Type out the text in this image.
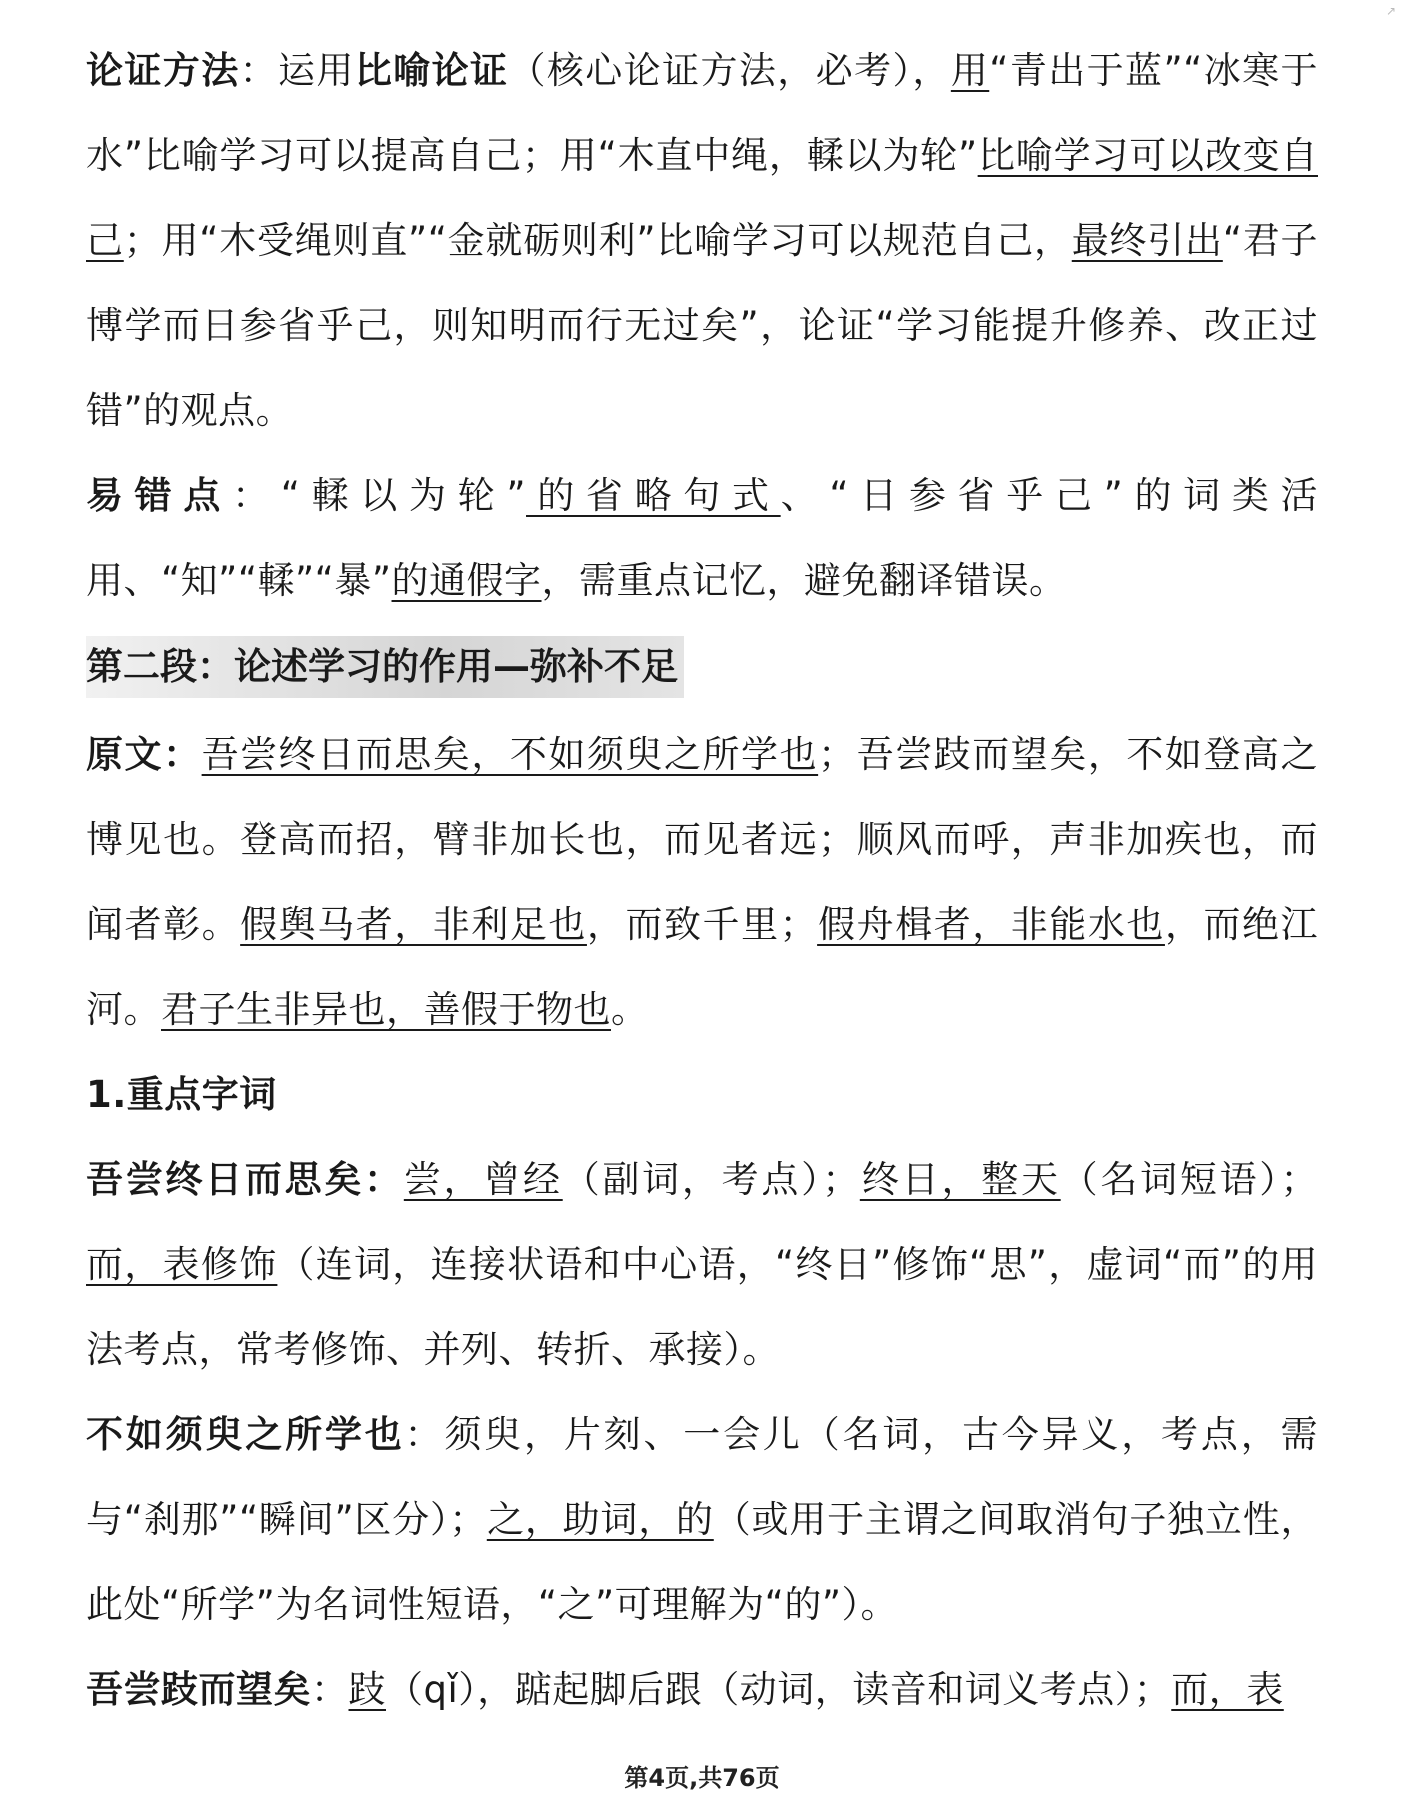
↗

论证方法：运用比喻论证（核心论证方法，必考），用“青出于蓝”“冰寒于水”比喻学习可以提高自己；用“木直中绳，輮以为轮”比喻学习可以改变自己；用“木受绳则直”“金就砺则利”比喻学习可以规范自己，最终引出“君子博学而日参省乎己，则知明而行无过矣”，论证“学习能提升修养、改正过错”的观点。

易错点：“輮以为轮”的省略句式、“日参省乎己”的词类活用、“知”“輮”“暴”的通假字，需重点记忆，避免翻译错误。

第二段：论述学习的作用—弥补不足

原文：吾尝终日而思矣，不如须臾之所学也；吾尝跂而望矣，不如登高之博见也。登高而招，臂非加长也，而见者远；顺风而呼，声非加疾也，而闻者彰。假舆马者，非利足也，而致千里；假舟楫者，非能水也，而绝江河。君子生非异也，善假于物也。

1.重点字词

吾尝终日而思矣：尝，曾经（副词，考点）；终日，整天（名词短语）；而，表修饰（连词，连接状语和中心语，“终日”修饰“思”，虚词“而”的用法考点，常考修饰、并列、转折、承接）。

不如须臾之所学也：须臾，片刻、一会儿（名词，古今异义，考点，需与“刹那”“瞬间”区分）；之，助词，的（或用于主谓之间取消句子独立性，此处“所学”为名词性短语，“之”可理解为“的”）。

吾尝跂而望矣：跂（qǐ），踮起脚后跟（动词，读音和词义考点）；而，表

第4页,共76页
